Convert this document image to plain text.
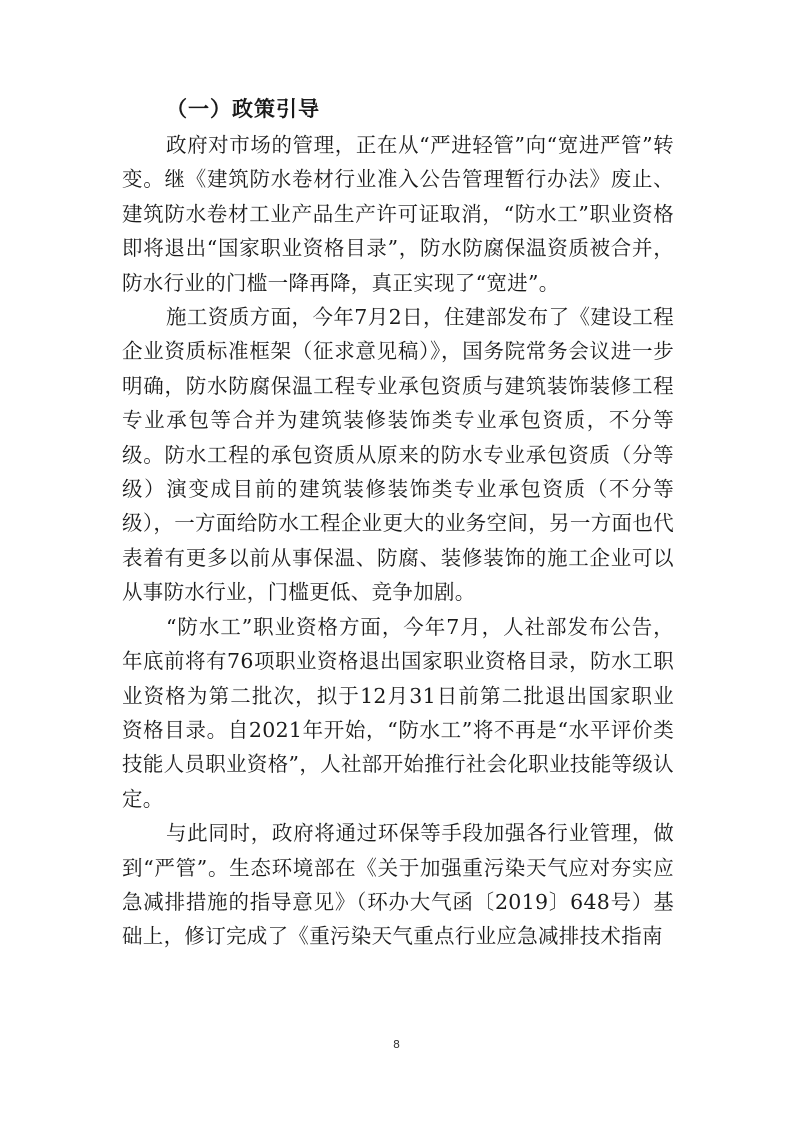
（一）政策引导

政府对市场的管理，正在从“严进轻管”向“宽进严管”转变。继《建筑防水卷材行业准入公告管理暂行办法》废止、建筑防水卷材工业产品生产许可证取消，“防水工”职业资格即将退出“国家职业资格目录”，防水防腐保温资质被合并，防水行业的门槛一降再降，真正实现了“宽进”。

施工资质方面，今年7月2日，住建部发布了《建设工程企业资质标准框架（征求意见稿）》，国务院常务会议进一步明确，防水防腐保温工程专业承包资质与建筑装饰装修工程专业承包等合并为建筑装修装饰类专业承包资质，不分等级。防水工程的承包资质从原来的防水专业承包资质（分等级）演变成目前的建筑装修装饰类专业承包资质（不分等级），一方面给防水工程企业更大的业务空间，另一方面也代表着有更多以前从事保温、防腐、装修装饰的施工企业可以从事防水行业，门槛更低、竞争加剧。

“防水工”职业资格方面，今年7月，人社部发布公告，年底前将有76项职业资格退出国家职业资格目录，防水工职业资格为第二批次，拟于12月31日前第二批退出国家职业资格目录。自2021年开始，“防水工”将不再是“水平评价类技能人员职业资格”，人社部开始推行社会化职业技能等级认定。

与此同时，政府将通过环保等手段加强各行业管理，做到“严管”。生态环境部在《关于加强重污染天气应对夯实应急减排措施的指导意见》（环办大气函〔2019〕648号）基础上，修订完成了《重污染天气重点行业应急减排技术指南

8
